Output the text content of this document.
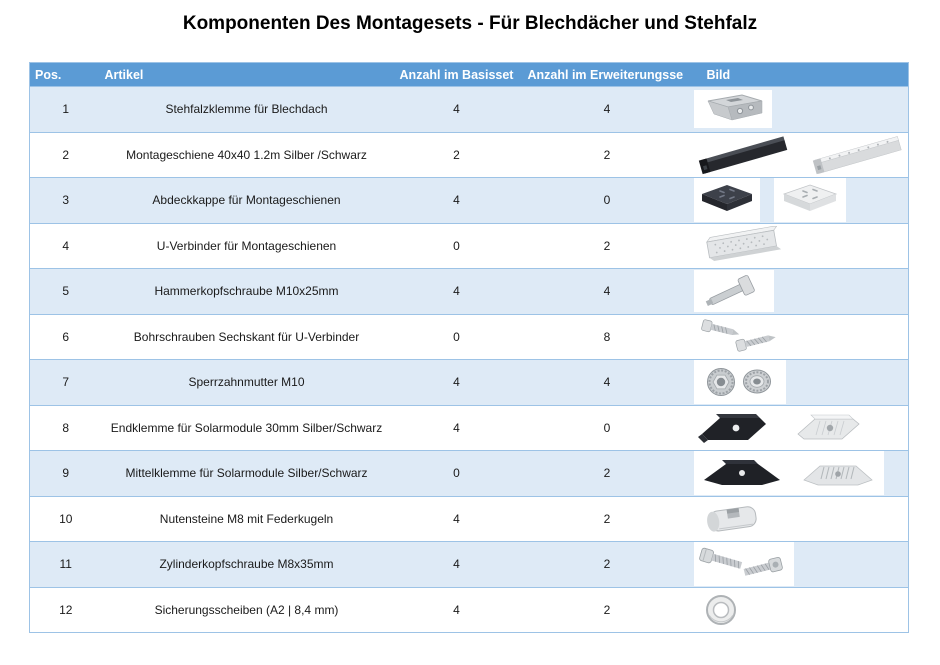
Komponenten Des Montagesets - Für Blechdächer und Stehfalz
Pos.	Artikel	Anzahl im Basisset	Anzahl im Erweiterungsse	Bild
1	Stehfalzklemme für Blechdach	4	4	

2	Montageschiene 40x40 1.2m Silber /Schwarz	2	2	

3	Abdeckkappe für Montageschienen	4	0	

4	U-Verbinder für Montageschienen	0	2	

5	Hammerkopfschraube M10x25mm	4	4	

6	Bohrschrauben Sechskant für U-Verbinder	0	8	

7	Sperrzahnmutter M10	4	4	

8	Endklemme für Solarmodule 30mm Silber/Schwarz	4	0	

9	Mittelklemme für Solarmodule Silber/Schwarz	0	2	

10	Nutensteine M8 mit Federkugeln	4	2	

11	Zylinderkopfschraube M8x35mm	4	2	

12	Sicherungsscheiben (A2 | 8,4 mm)	4	2	
